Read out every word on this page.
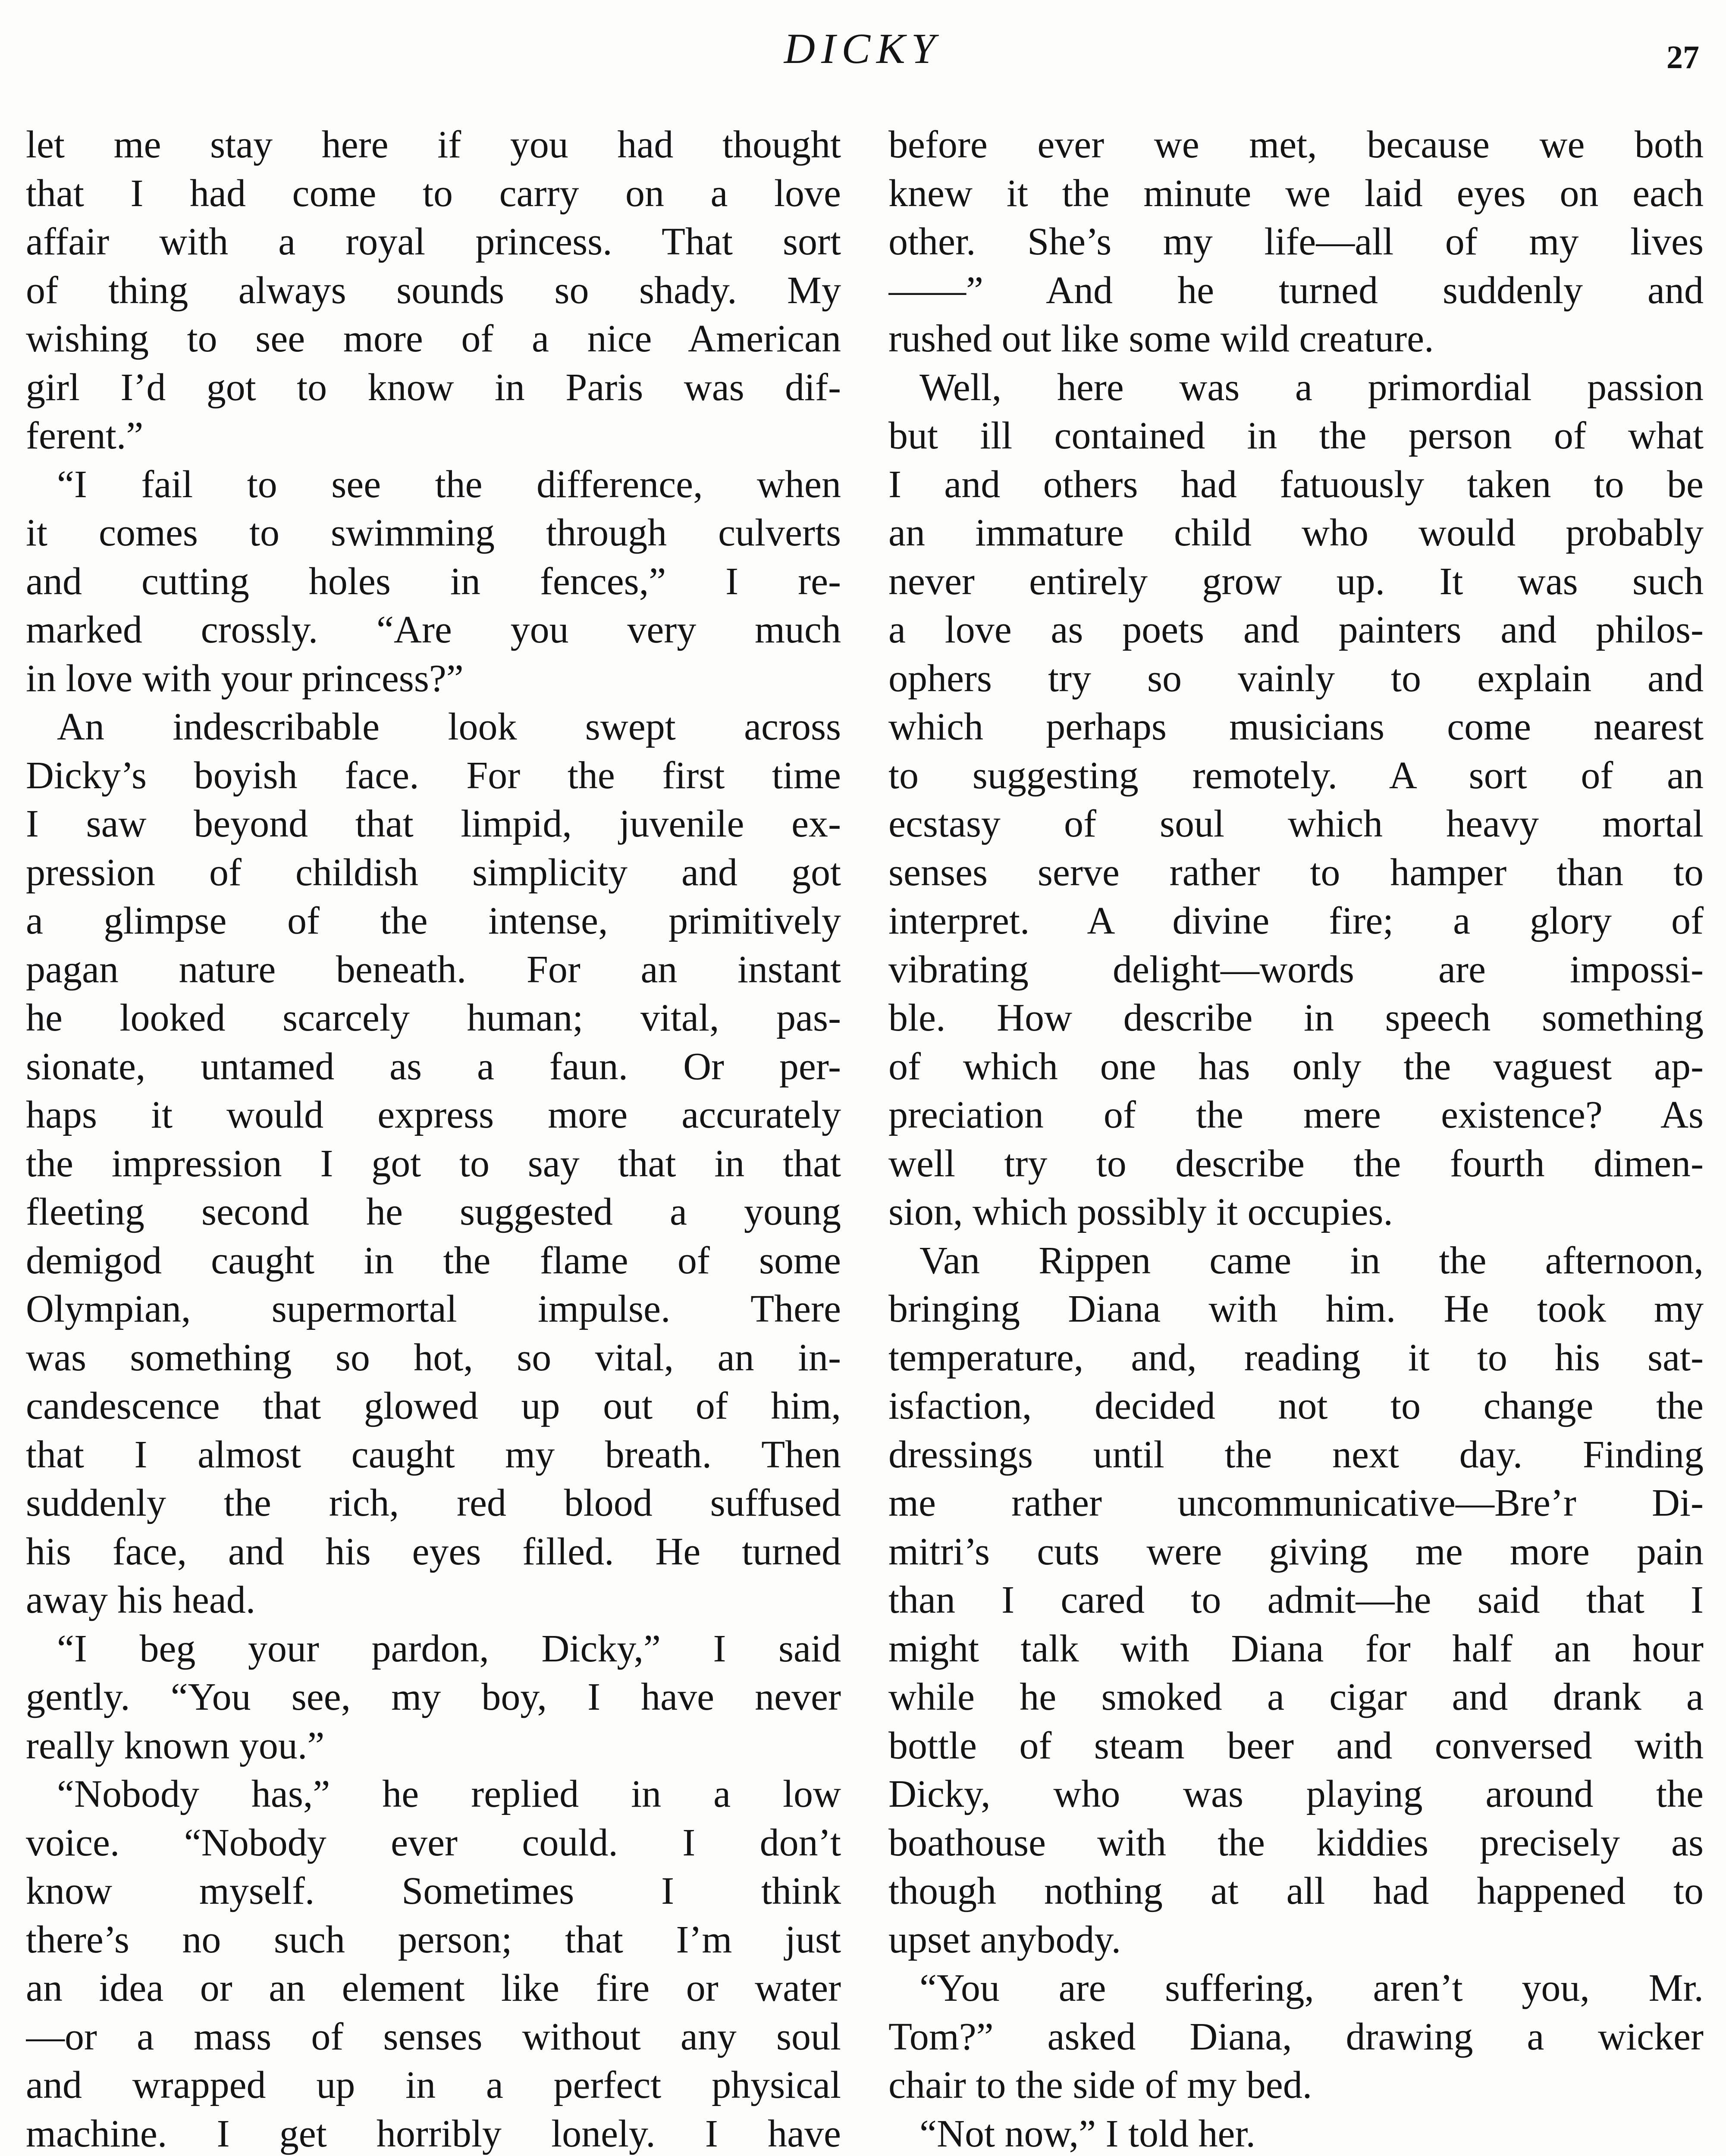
DICKY	27
let me stay here if you had thought
that I had come to carry on a love
affair with a royal princess. That sort
of thing always sounds so shady. My
wishing to see more of a nice American
girl I’d got to know in Paris was dif-
ferent.”
“I fail to see the difference, when
it comes to swimming through culverts
and cutting holes in fences,” I re-
marked crossly. “Are you very much
in love with your princess?”
An indescribable look swept across
Dicky’s boyish face. For the first time
I saw beyond that limpid, juvenile ex-
pression of childish simplicity and got
a glimpse of the intense, primitively
pagan nature beneath. For an instant
he looked scarcely human; vital, pas-
sionate, untamed as a faun. Or per-
haps it would express more accurately
the impression I got to say that in that
fleeting second he suggested a young
demigod caught in the flame of some
Olympian, supermortal impulse. There
was something so hot, so vital, an in-
candescence that glowed up out of him,
that I almost caught my breath. Then
suddenly the rich, red blood suffused
his face, and his eyes filled. He turned
away his head.
“I beg your pardon, Dicky,” I said
gently. “You see, my boy, I have never
really known you.”
“Nobody has,” he replied in a low
voice. “Nobody ever could. I don’t
know myself. Sometimes I think
there’s no such person; that I’m just
an idea or an element like fire or water
—or a mass of senses without any soul
and wrapped up in a perfect physical
machine. I get horribly lonely. I have
before ever we met, because we both
knew it the minute we laid eyes on each
other. She’s my life—all of my lives
——” And he turned suddenly and
rushed out like some wild creature.
Well, here was a primordial passion
but ill contained in the person of what
I and others had fatuously taken to be
an immature child who would probably
never entirely grow up. It was such
a love as poets and painters and philos-
ophers try so vainly to explain and
which perhaps musicians come nearest
to suggesting remotely. A sort of an
ecstasy of soul which heavy mortal
senses serve rather to hamper than to
interpret. A divine fire; a glory of
vibrating delight—words are impossi-
ble. How describe in speech something
of which one has only the vaguest ap-
preciation of the mere existence? As
well try to describe the fourth dimen-
sion, which possibly it occupies.
Van Rippen came in the afternoon,
bringing Diana with him. He took my
temperature, and, reading it to his sat-
isfaction, decided not to change the
dressings until the next day. Finding
me rather uncommunicative—Bre’r Di-
mitri’s cuts were giving me more pain
than I cared to admit—he said that I
might talk with Diana for half an hour
while he smoked a cigar and drank a
bottle of steam beer and conversed with
Dicky, who was playing around the
boathouse with the kiddies precisely as
though nothing at all had happened to
upset anybody.
“You are suffering, aren’t you, Mr.
Tom?” asked Diana, drawing a wicker
chair to the side of my bed.
“Not now,” I told her.
